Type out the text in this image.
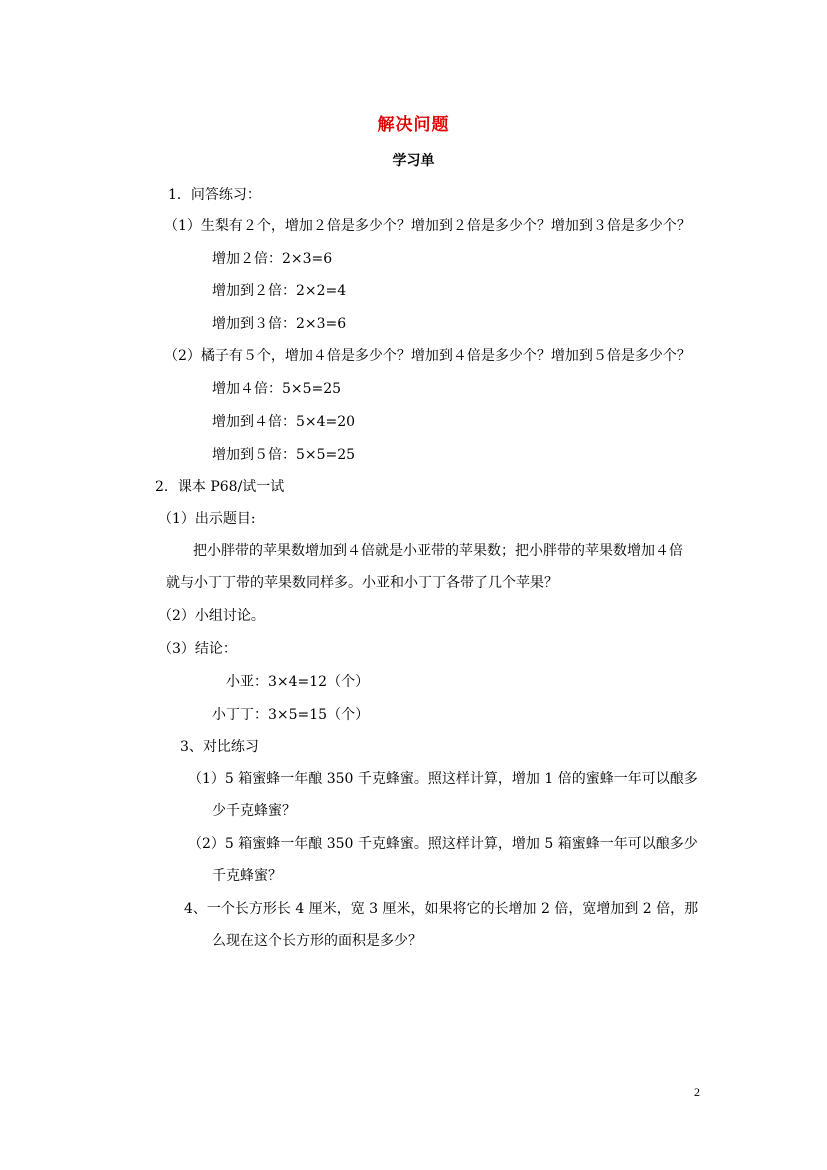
解决问题
学习单
1．问答练习：
（1）生梨有２个，增加２倍是多少个？增加到２倍是多少个？增加到３倍是多少个？
增加２倍：2×3=6
增加到２倍：2×2=4
增加到３倍：2×3=6
（2）橘子有５个，增加４倍是多少个？增加到４倍是多少个？增加到５倍是多少个？
增加４倍：5×5=25
增加到４倍：5×4=20
增加到５倍：5×5=25
2．课本 P68/试一试
（1）出示题目:
把小胖带的苹果数增加到４倍就是小亚带的苹果数；把小胖带的苹果数增加４倍
就与小丁丁带的苹果数同样多。小亚和小丁丁各带了几个苹果？
（2）小组讨论。
（3）结论：
小亚：3×4=12（个）
小丁丁：3×5=15（个）
3、对比练习
（1）5 箱蜜蜂一年酿 350 千克蜂蜜。照这样计算，增加 1 倍的蜜蜂一年可以酿多
少千克蜂蜜？
（2）5 箱蜜蜂一年酿 350 千克蜂蜜。照这样计算，增加 5 箱蜜蜂一年可以酿多少
千克蜂蜜？
4、一个长方形长 4 厘米，宽 3 厘米，如果将它的长增加 2 倍，宽增加到 2 倍，那
么现在这个长方形的面积是多少？
2
